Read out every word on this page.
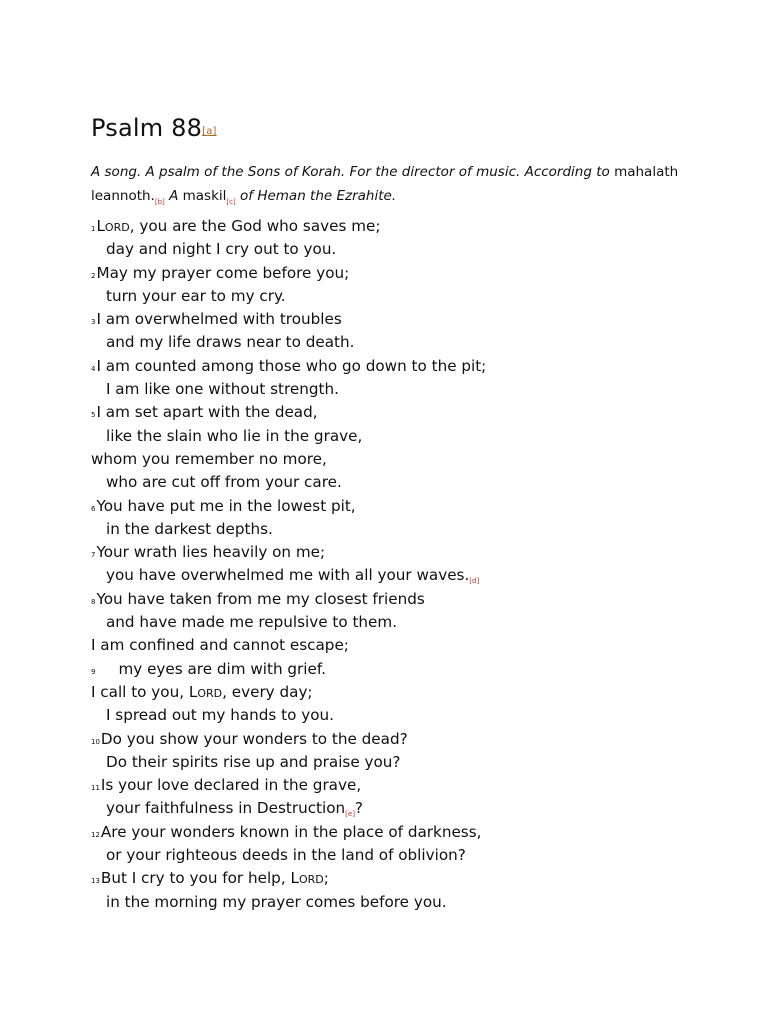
Psalm 88[a]

A song. A psalm of the Sons of Korah. For the director of music. According to mahalath leannoth.[b] A maskil[c] of Heman the Ezrahite.

$^1$Lord, you are the God who saves me;
day and night I cry out to you.
$^2$May my prayer come before you;
turn your ear to my cry.
$^3$I am overwhelmed with troubles
and my life draws near to death.
$^4$I am counted among those who go down to the pit;
I am like one without strength.
$^5$I am set apart with the dead,
like the slain who lie in the grave,
whom you remember no more,
who are cut off from your care.
$^6$You have put me in the lowest pit,
in the darkest depths.
$^7$Your wrath lies heavily on me;
you have overwhelmed me with all your waves.[d]
$^8$You have taken from me my closest friends
and have made me repulsive to them.
I am confined and cannot escape;
$^9$ my eyes are dim with grief.
I call to you, Lord, every day;
I spread out my hands to you.
$^{10}$Do you show your wonders to the dead?
Do their spirits rise up and praise you?
$^{11}$Is your love declared in the grave,
your faithfulness in Destruction[e]?
$^{12}$Are your wonders known in the place of darkness,
or your righteous deeds in the land of oblivion?
$^{13}$But I cry to you for help, Lord;
in the morning my prayer comes before you.
